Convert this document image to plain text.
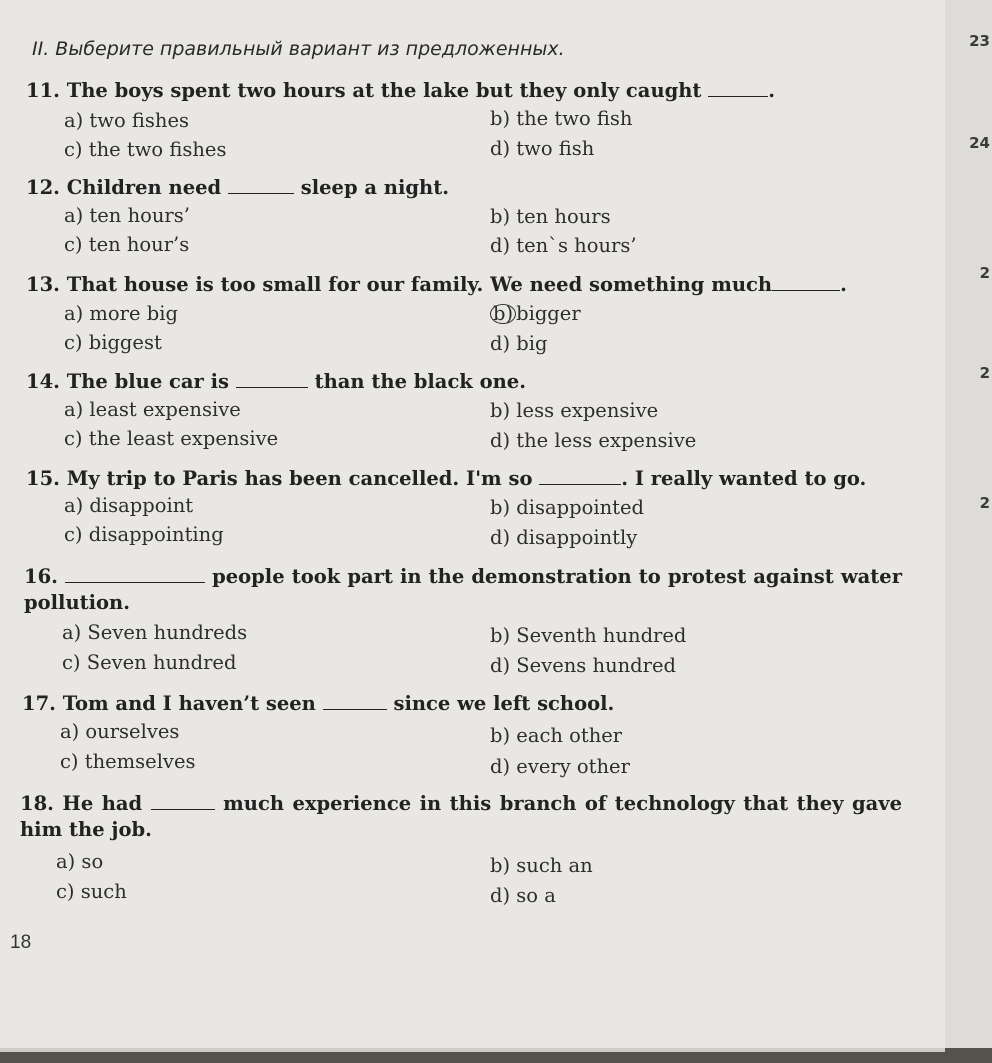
II. Выберите правильный вариант из предложенных.
11. The boys spent two hours at the lake but they only caught	.
a) two fishes	b) the two fish
c) the two fishes	d) two fish
12. Children need	sleep a night.
a) ten hours’	b) ten hours
c) ten hour’s	d) ten`s hours’
13. That house is too small for our family. We need something much	.
a) more big	b) bigger
c) biggest	d) big
14. The blue car is	than the black one.
a) least expensive	b) less expensive
c) the least expensive	d) the less expensive
15. My trip to Paris has been cancelled. I'm so	. I really wanted to go.
a) disappoint	b) disappointed
c) disappointing	d) disappointly
16.	people took part in the demonstration to protest against water pollution.
a) Seven hundreds	b) Seventh hundred
c) Seven hundred	d) Sevens hundred
17. Tom and I haven’t seen	since we left school.
a) ourselves	b) each other
c) themselves	d) every other
18. He had	much experience in this branch of technology that they gave him the job.
a) so	b) such an
c) such	d) so a
18
23
24
2
2
2
